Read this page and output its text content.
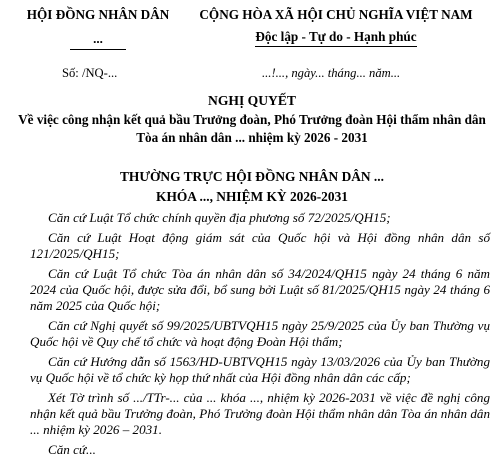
HỘI ĐỒNG NHÂN DÂN
...
CỘNG HÒA XÃ HỘI CHỦ NGHĨA VIỆT NAM
Độc lập - Tự do - Hạnh phúc
Số: /NQ-...	...!..., ngày... tháng... năm...
NGHỊ QUYẾT
Về việc công nhận kết quả bầu Trưởng đoàn, Phó Trưởng đoàn Hội thẩm nhân dân Tòa án nhân dân ... nhiệm kỳ 2026 - 2031
THƯỜNG TRỰC HỘI ĐỒNG NHÂN DÂN ...
KHÓA ..., NHIỆM KỲ 2026-2031

Căn cứ Luật Tổ chức chính quyền địa phương số 72/2025/QH15;

Căn cứ Luật Hoạt động giám sát của Quốc hội và Hội đồng nhân dân số 121/2025/QH15;

Căn cứ Luật Tổ chức Tòa án nhân dân số 34/2024/QH15 ngày 24 tháng 6 năm 2024 của Quốc hội, được sửa đổi, bổ sung bởi Luật số 81/2025/QH15 ngày 24 tháng 6 năm 2025 của Quốc hội;

Căn cứ Nghị quyết số 99/2025/UBTVQH15 ngày 25/9/2025 của Ủy ban Thường vụ Quốc hội về Quy chế tổ chức và hoạt động Đoàn Hội thẩm;

Căn cứ Hướng dẫn số 1563/HD-UBTVQH15 ngày 13/03/2026 của Ủy ban Thường vụ Quốc hội về tổ chức kỳ họp thứ nhất của Hội đồng nhân dân các cấp;

Xét Tờ trình số .../TTr-... của ... khóa ..., nhiệm kỳ 2026-2031 về việc đề nghị công nhận kết quả bầu Trưởng đoàn, Phó Trưởng đoàn Hội thẩm nhân dân Tòa án nhân dân ... nhiệm kỳ 2026 – 2031.

Căn cứ...
